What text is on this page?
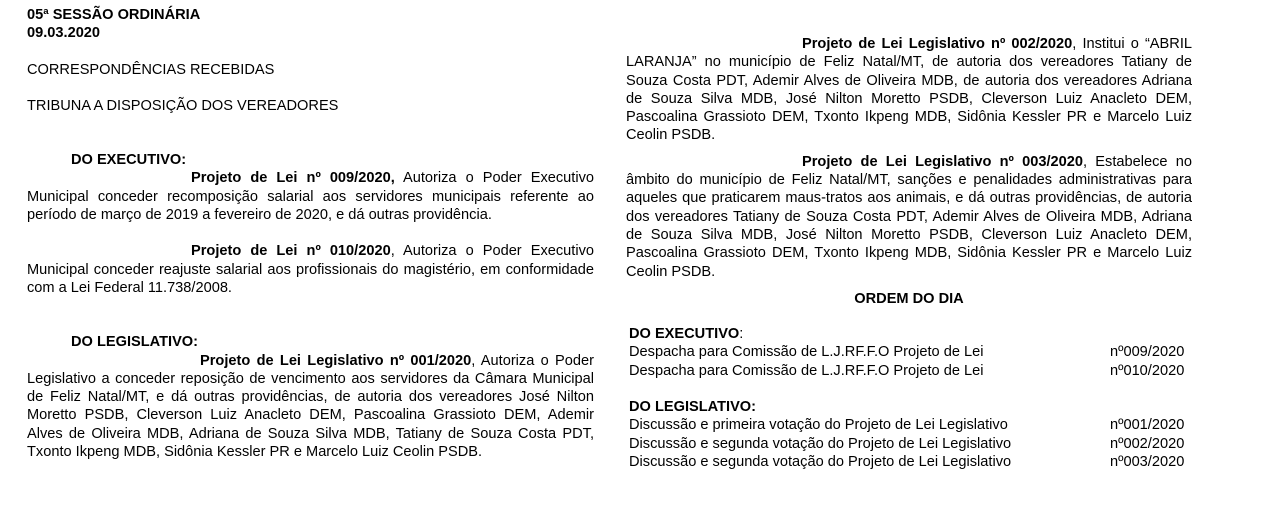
05ª SESSÃO ORDINÁRIA

09.03.2020

CORRESPONDÊNCIAS RECEBIDAS

TRIBUNA A DISPOSIÇÃO DOS VEREADORES

DO EXECUTIVO:

Projeto de Lei nº 009/2020, Autoriza o Poder Executivo Municipal conceder recomposição salarial aos servidores municipais referente ao período de março de 2019 a fevereiro de 2020, e dá outras providência.

Projeto de Lei nº 010/2020, Autoriza o Poder Executivo Municipal conceder reajuste salarial aos profissionais do magistério, em conformidade com a Lei Federal 11.738/2008.

DO LEGISLATIVO:

Projeto de Lei Legislativo nº 001/2020, Autoriza o Poder Legislativo a conceder reposição de vencimento aos servidores da Câmara Municipal de Feliz Natal/MT, e dá outras providências, de autoria dos vereadores José Nilton Moretto PSDB, Cleverson Luiz Anacleto DEM, Pascoalina Grassioto DEM, Ademir Alves de Oliveira MDB, Adriana de Souza Silva MDB, Tatiany de Souza Costa PDT, Txonto Ikpeng MDB, Sidônia Kessler PR e Marcelo Luiz Ceolin PSDB.

Projeto de Lei Legislativo nº 002/2020, Institui o “ABRIL LARANJA” no município de Feliz Natal/MT, de autoria dos vereadores Tatiany de Souza Costa PDT, Ademir Alves de Oliveira MDB, de autoria dos vereadores Adriana de Souza Silva MDB, José Nilton Moretto PSDB, Cleverson Luiz Anacleto DEM, Pascoalina Grassioto DEM, Txonto Ikpeng MDB, Sidônia Kessler PR e Marcelo Luiz Ceolin PSDB.

Projeto de Lei Legislativo nº 003/2020, Estabelece no âmbito do município de Feliz Natal/MT, sanções e penalidades administrativas para aqueles que praticarem maus-tratos aos animais, e dá outras providências, de autoria dos vereadores Tatiany de Souza Costa PDT, Ademir Alves de Oliveira MDB, Adriana de Souza Silva MDB, José Nilton Moretto PSDB, Cleverson Luiz Anacleto DEM, Pascoalina Grassioto DEM, Txonto Ikpeng MDB, Sidônia Kessler PR e Marcelo Luiz Ceolin PSDB.

ORDEM DO DIA

DO EXECUTIVO:

Despacha para Comissão de L.J.RF.F.O Projeto de Lei	nº009/2020
Despacha para Comissão de L.J.RF.F.O Projeto de Lei	nº010/2020

DO LEGISLATIVO:

Discussão e primeira votação do Projeto de Lei Legislativo	nº001/2020
Discussão e segunda votação do Projeto de Lei Legislativo	nº002/2020
Discussão e segunda votação do Projeto de Lei Legislativo	nº003/2020
